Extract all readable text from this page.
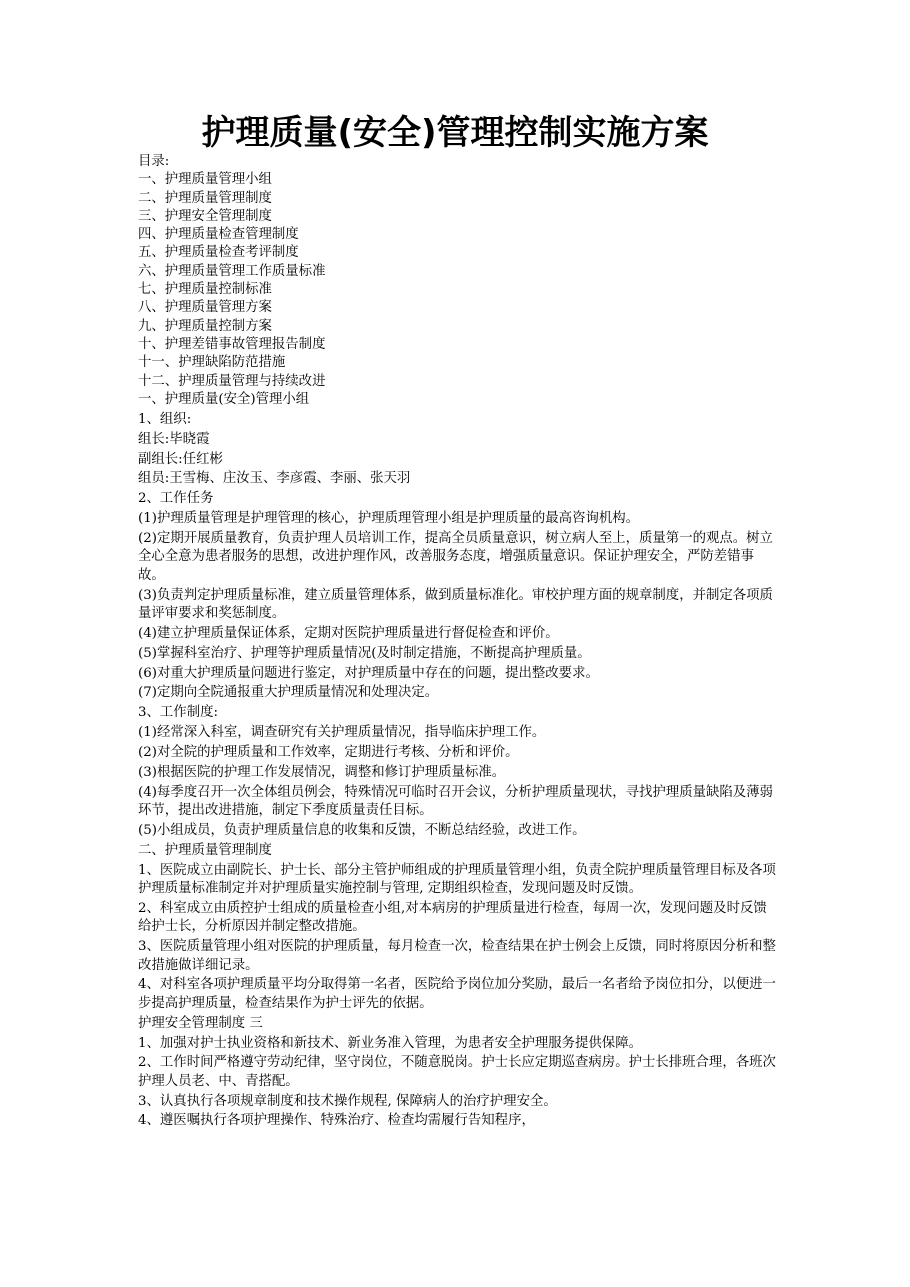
护理质量(安全)管理控制实施方案

目录:

一、护理质量管理小组

二、护理质量管理制度

三、护理安全管理制度

四、护理质量检查管理制度

五、护理质量检查考评制度

六、护理质量管理工作质量标准

七、护理质量控制标准

八、护理质量管理方案

九、护理质量控制方案

十、护理差错事故管理报告制度

十一、护理缺陷防范措施

十二、护理质量管理与持续改进

一、护理质量(安全)管理小组

1、组织:

组长:毕晓霞

副组长:任红彬

组员:王雪梅、庄汝玉、李彦霞、李丽、张天羽

2、工作任务

(1)护理质量管理是护理管理的核心，护理质理管理小组是护理质量的最高咨询机构。

(2)定期开展质量教育，负责护理人员培训工作，提高全员质量意识，树立病人至上，质量第一的观点。树立全心全意为患者服务的思想，改进护理作风，改善服务态度，增强质量意识。保证护理安全，严防差错事故。

(3)负责判定护理质量标准，建立质量管理体系，做到质量标准化。审校护理方面的规章制度，并制定各项质量评审要求和奖惩制度。

(4)建立护理质量保证体系，定期对医院护理质量进行督促检查和评价。

(5)掌握科室治疗、护理等护理质量情况(及时制定措施，不断提高护理质量。

(6)对重大护理质量问题进行鉴定，对护理质量中存在的问题，提出整改要求。

(7)定期向全院通报重大护理质量情况和处理决定。

3、工作制度:

(1)经常深入科室，调查研究有关护理质量情况，指导临床护理工作。

(2)对全院的护理质量和工作效率，定期进行考核、分析和评价。

(3)根据医院的护理工作发展情况，调整和修订护理质量标准。

(4)每季度召开一次全体组员例会，特殊情况可临时召开会议，分析护理质量现状，寻找护理质量缺陷及薄弱环节，提出改进措施，制定下季度质量责任目标。

(5)小组成员，负责护理质量信息的收集和反馈，不断总结经验，改进工作。

二、护理质量管理制度

1、医院成立由副院长、护士长、部分主管护师组成的护理质量管理小组，负责全院护理质量管理目标及各项护理质量标准制定并对护理质量实施控制与管理, 定期组织检查，发现问题及时反馈。

2、科室成立由质控护士组成的质量检查小组,对本病房的护理质量进行检查，每周一次，发现问题及时反馈给护士长，分析原因并制定整改措施。

3、医院质量管理小组对医院的护理质量，每月检查一次，检查结果在护士例会上反馈，同时将原因分析和整改措施做详细记录。

4、对科室各项护理质量平均分取得第一名者，医院给予岗位加分奖励，最后一名者给予岗位扣分，以便进一步提高护理质量，检查结果作为护士评先的依据。

护理安全管理制度 三

1、加强对护士执业资格和新技术、新业务准入管理，为患者安全护理服务提供保障。

2、工作时间严格遵守劳动纪律，坚守岗位，不随意脱岗。护士长应定期巡查病房。护士长排班合理，各班次护理人员老、中、青搭配。

3、认真执行各项规章制度和技术操作规程, 保障病人的治疗护理安全。

4、遵医嘱执行各项护理操作、特殊治疗、检查均需履行告知程序，
